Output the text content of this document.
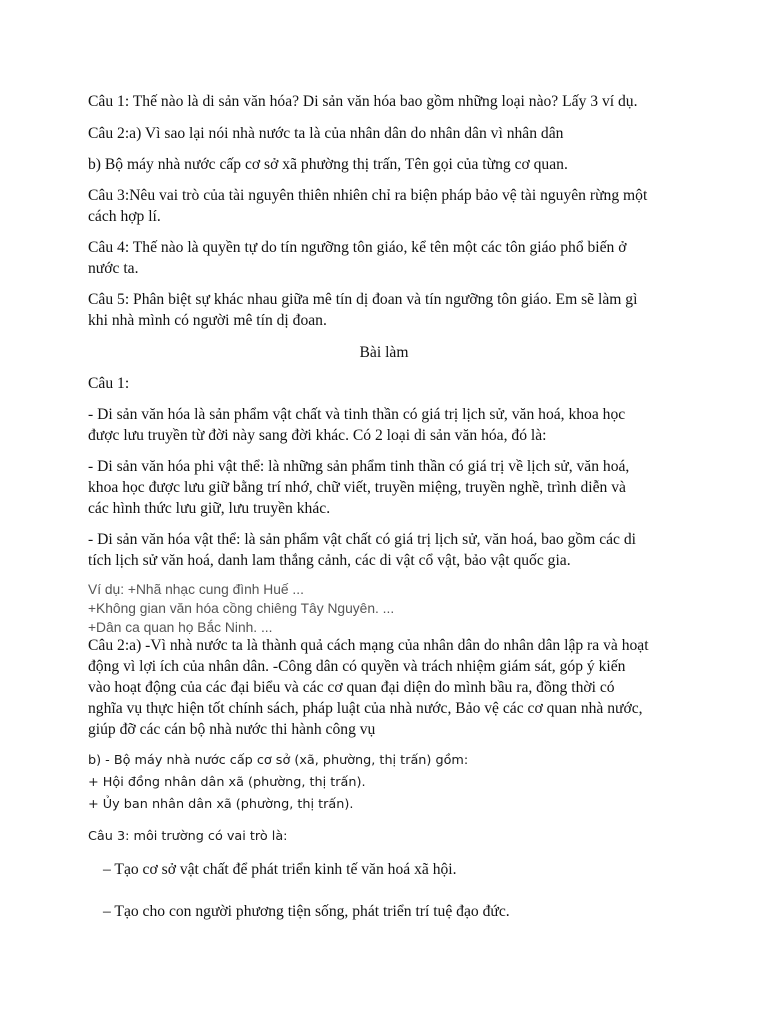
Câu 1: Thế nào là di sản văn hóa? Di sản văn hóa bao gồm những loại nào? Lấy 3 ví dụ.

Câu 2:a) Vì sao lại nói nhà nước ta là của nhân dân do nhân dân vì nhân dân

b) Bộ máy nhà nước cấp cơ sở xã phường thị trấn, Tên gọi của từng cơ quan.

Câu 3:Nêu vai trò của tài nguyên thiên nhiên chỉ ra biện pháp bảo vệ tài nguyên rừng một

cách hợp lí.

Câu 4: Thế nào là quyền tự do tín ngưỡng tôn giáo, kể tên một các tôn giáo phổ biến ở

nước ta.

Câu 5: Phân biệt sự khác nhau giữa mê tín dị đoan và tín ngưỡng tôn giáo. Em sẽ làm gì

khi nhà mình có người mê tín dị đoan.

Bài làm

Câu 1:

- Di sản văn hóa là sản phẩm vật chất và tinh thần có giá trị lịch sử, văn hoá, khoa học

được lưu truyền từ đời này sang đời khác. Có 2 loại di sản văn hóa, đó là:

- Di sản văn hóa phi vật thể: là những sản phẩm tinh thần có giá trị về lịch sử, văn hoá,

khoa học được lưu giữ bằng trí nhớ, chữ viết, truyền miệng, truyền nghề, trình diễn và

các hình thức lưu giữ, lưu truyền khác.

- Di sản văn hóa vật thể: là sản phẩm vật chất có giá trị lịch sử, văn hoá, bao gồm các di

tích lịch sử văn hoá, danh lam thắng cảnh, các di vật cổ vật, bảo vật quốc gia.

Ví dụ: +Nhã nhạc cung đình Huế ...

+Không gian văn hóa cồng chiêng Tây Nguyên. ...

+Dân ca quan họ Bắc Ninh. ...

Câu 2:a) -Vì nhà nước ta là thành quả cách mạng của nhân dân do nhân dân lập ra và hoạt

động vì lợi ích của nhân dân. -Công dân có quyền và trách nhiệm giám sát, góp ý kiến

vào hoạt động của các đại biểu và các cơ quan đại diện do mình bầu ra, đồng thời có

nghĩa vụ thực hiện tốt chính sách, pháp luật của nhà nước, Bảo vệ các cơ quan nhà nước,

giúp đỡ các cán bộ nhà nước thi hành công vụ

b) - Bộ máy nhà nước cấp cơ sở (xã, phường, thị trấn) gồm:

+ Hội đồng nhân dân xã (phường, thị trấn).

+ Ủy ban nhân dân xã (phường, thị trấn).

Câu 3: môi trường có vai trò là:

– Tạo cơ sở vật chất để phát triển kinh tế văn hoá xã hội.

– Tạo cho con người phương tiện sống, phát triển trí tuệ đạo đức.
